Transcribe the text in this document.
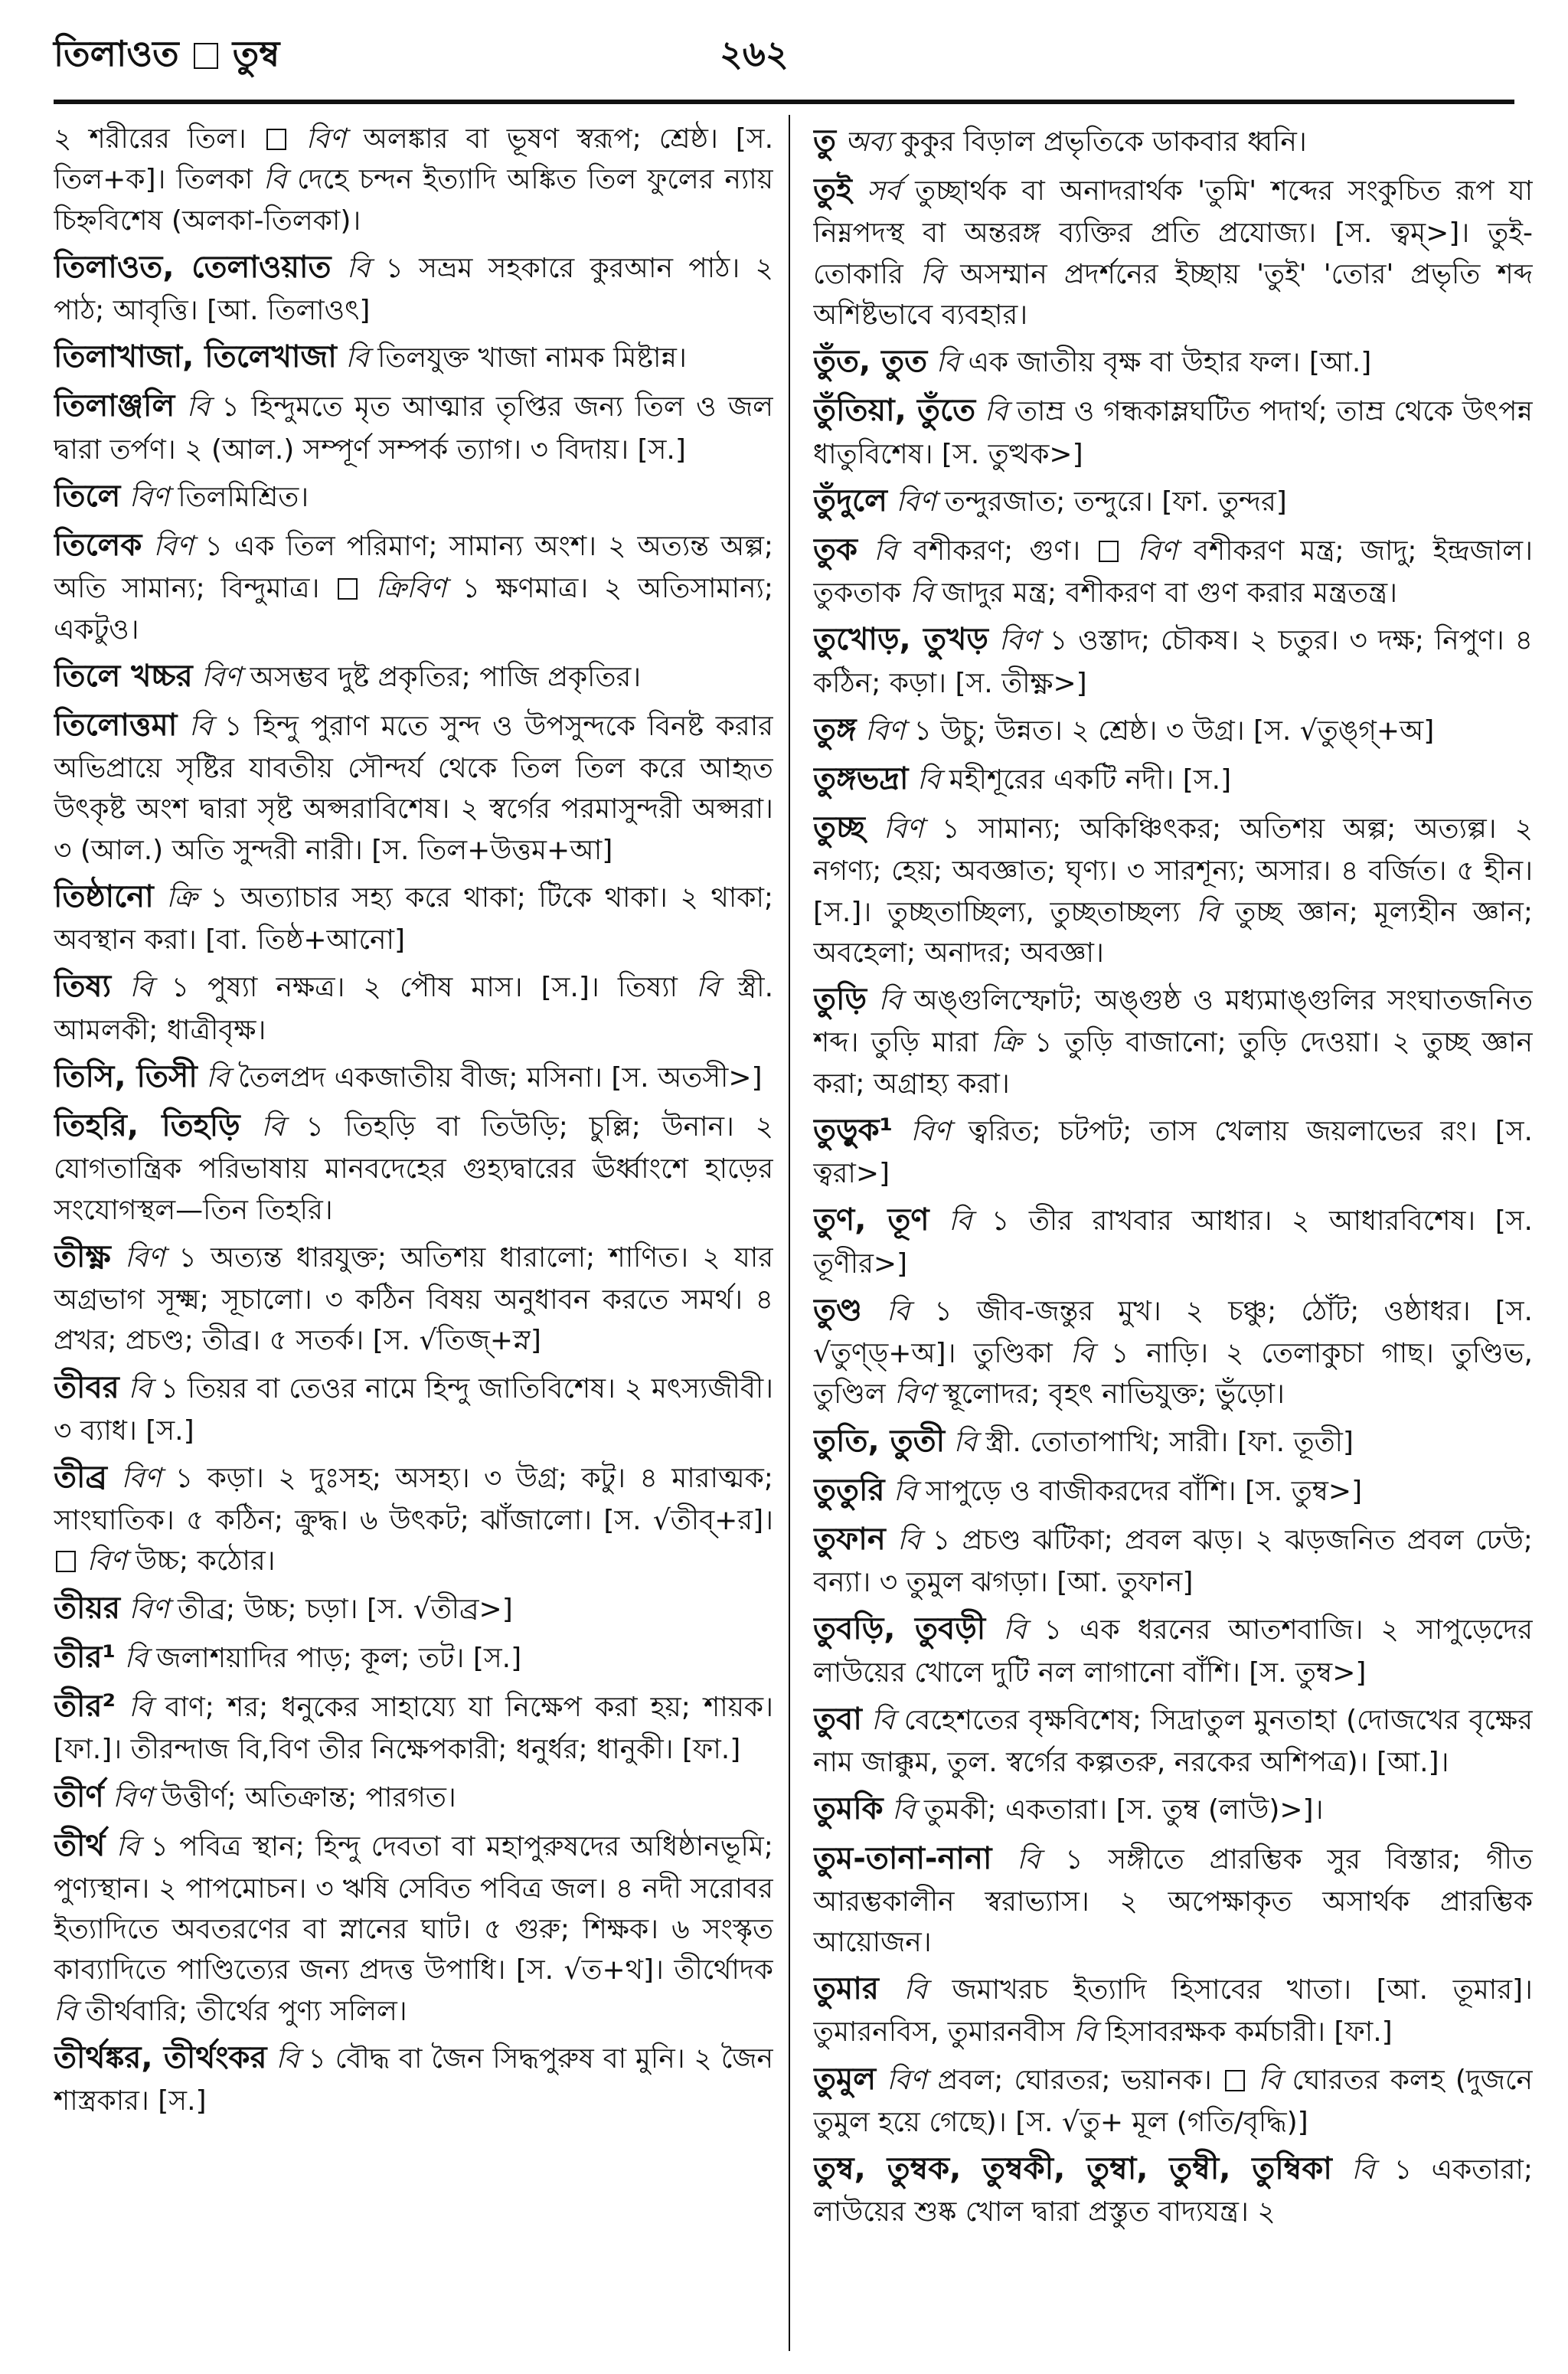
তিলাওত তুম্ব	২৬২

২ শরীরের তিল। বিণ অলঙ্কার বা ভূষণ স্বরূপ; শ্রেষ্ঠ। [স. তিল+ক]। তিলকা বি দেহে চন্দন ইত্যাদি অঙ্কিত তিল ফুলের ন্যায় চিহ্নবিশেষ (অলকা-তিলকা)।

তিলাওত, তেলাওয়াত বি ১ সভ্রম সহকারে কুরআন পাঠ। ২ পাঠ; আবৃত্তি। [আ. তিলাওৎ]

তিলাখাজা, তিলেখাজা বি তিলযুক্ত খাজা নামক মিষ্টান্ন।

তিলাঞ্জলি বি ১ হিন্দুমতে মৃত আত্মার তৃপ্তির জন্য তিল ও জল দ্বারা তর্পণ। ২ (আল.) সম্পূর্ণ সম্পর্ক ত্যাগ। ৩ বিদায়। [স.]

তিলে বিণ তিলমিশ্রিত।

তিলেক বিণ ১ এক তিল পরিমাণ; সামান্য অংশ। ২ অত্যন্ত অল্প; অতি সামান্য; বিন্দুমাত্র। ক্রিবিণ ১ ক্ষণমাত্র। ২ অতিসামান্য; একটুও।

তিলে খচ্চর বিণ অসম্ভব দুষ্ট প্রকৃতির; পাজি প্রকৃতির।

তিলোত্তমা বি ১ হিন্দু পুরাণ মতে সুন্দ ও উপসুন্দকে বিনষ্ট করার অভিপ্রায়ে সৃষ্টির যাবতীয় সৌন্দর্য থেকে তিল তিল করে আহৃত উৎকৃষ্ট অংশ দ্বারা সৃষ্ট অপ্সরাবিশেষ। ২ স্বর্গের পরমাসুন্দরী অপ্সরা। ৩ (আল.) অতি সুন্দরী নারী। [স. তিল+উত্তম+আ]

তিষ্ঠানো ক্রি ১ অত্যাচার সহ্য করে থাকা; টিকে থাকা। ২ থাকা; অবস্থান করা। [বা. তিষ্ঠ+আনো]

তিষ্য বি ১ পুষ্যা নক্ষত্র। ২ পৌষ মাস। [স.]। তিষ্যা বি স্ত্রী. আমলকী; ধাত্রীবৃক্ষ।

তিসি, তিসী বি তৈলপ্রদ একজাতীয় বীজ; মসিনা। [স. অতসী>]

তিহরি, তিহড়ি বি ১ তিহড়ি বা তিউড়ি; চুল্লি; উনান। ২ যোগতান্ত্রিক পরিভাষায় মানবদেহের গুহ্যদ্বারের ঊর্ধ্বাংশে হাড়ের সংযোগস্থল—তিন তিহরি।

তীক্ষ্ণ বিণ ১ অত্যন্ত ধারযুক্ত; অতিশয় ধারালো; শাণিত। ২ যার অগ্রভাগ সূক্ষ্ম; সূচালো। ৩ কঠিন বিষয় অনুধাবন করতে সমর্থ। ৪ প্রখর; প্রচণ্ড; তীব্র। ৫ সতর্ক। [স. √তিজ্+স্ন]

তীবর বি ১ তিয়র বা তেওর নামে হিন্দু জাতিবিশেষ। ২ মৎস্যজীবী। ৩ ব্যাধ। [স.]

তীব্র বিণ ১ কড়া। ২ দুঃসহ; অসহ্য। ৩ উগ্র; কটু। ৪ মারাত্মক; সাংঘাতিক। ৫ কঠিন; ক্রুদ্ধ। ৬ উৎকট; ঝাঁজালো। [স. √তীব্+র]।  বিণ উচ্চ; কঠোর।

তীয়র বিণ তীব্র; উচ্চ; চড়া। [স. √তীব্র>]

তীর¹ বি জলাশয়াদির পাড়; কূল; তট। [স.]

তীর² বি বাণ; শর; ধনুকের সাহায্যে যা নিক্ষেপ করা হয়; শায়ক। [ফা.]। তীরন্দাজ বি,বিণ তীর নিক্ষেপকারী; ধনুর্ধর; ধানুকী। [ফা.]

তীর্ণ বিণ উত্তীর্ণ; অতিক্রান্ত; পারগত।

তীর্থ বি ১ পবিত্র স্থান; হিন্দু দেবতা বা মহাপুরুষদের অধিষ্ঠানভূমি; পুণ্যস্থান। ২ পাপমোচন। ৩ ঋষি সেবিত পবিত্র জল। ৪ নদী সরোবর ইত্যাদিতে অবতরণের বা স্নানের ঘাট। ৫ গুরু; শিক্ষক। ৬ সংস্কৃত কাব্যাদিতে পাণ্ডিত্যের জন্য প্রদত্ত উপাধি। [স. √ত+থ]। তীর্থোদক বি তীর্থবারি; তীর্থের পুণ্য সলিল।

তীর্থঙ্কর, তীর্থংকর বি ১ বৌদ্ধ বা জৈন সিদ্ধপুরুষ বা মুনি। ২ জৈন শাস্ত্রকার। [স.]

তু অব্য কুকুর বিড়াল প্রভৃতিকে ডাকবার ধ্বনি।

তুই সর্ব তুচ্ছার্থক বা অনাদরার্থক 'তুমি' শব্দের সংকুচিত রূপ যা নিম্নপদস্থ বা অন্তরঙ্গ ব্যক্তির প্রতি প্রযোজ্য। [স. ত্বম্>]। তুই-তোকারি বি অসম্মান প্রদর্শনের ইচ্ছায় 'তুই' 'তোর' প্রভৃতি শব্দ অশিষ্টভাবে ব্যবহার।

তুঁত, তুত বি এক জাতীয় বৃক্ষ বা উহার ফল। [আ.]

তুঁতিয়া, তুঁতে বি তাম্র ও গন্ধকাম্লঘটিত পদার্থ; তাম্র থেকে উৎপন্ন ধাতুবিশেষ। [স. তুত্থক>]

তুঁদুলে বিণ তন্দুরজাত; তন্দুরে। [ফা. তুন্দর]

তুক বি বশীকরণ; গুণ। বিণ বশীকরণ মন্ত্র; জাদু; ইন্দ্রজাল। তুকতাক বি জাদুর মন্ত্র; বশীকরণ বা গুণ করার মন্ত্রতন্ত্র।

তুখোড়, তুখড় বিণ ১ ওস্তাদ; চৌকষ। ২ চতুর। ৩ দক্ষ; নিপুণ। ৪ কঠিন; কড়া। [স. তীক্ষ্ণ>]

তুঙ্গ বিণ ১ উচু; উন্নত। ২ শ্রেষ্ঠ। ৩ উগ্র। [স. √তুঙ্গ্+অ]

তুঙ্গভদ্রা বি মহীশূরের একটি নদী। [স.]

তুচ্ছ বিণ ১ সামান্য; অকিঞ্চিৎকর; অতিশয় অল্প; অত্যল্প। ২ নগণ্য; হেয়; অবজ্ঞাত; ঘৃণ্য। ৩ সারশূন্য; অসার। ৪ বর্জিত। ৫ হীন। [স.]। তুচ্ছতাচ্ছিল্য, তুচ্ছতাচ্ছল্য বি তুচ্ছ জ্ঞান; মূল্যহীন জ্ঞান; অবহেলা; অনাদর; অবজ্ঞা।

তুড়ি বি অঙ্গুলিস্ফোট; অঙ্গুষ্ঠ ও মধ্যমাঙ্গুলির সংঘাতজনিত শব্দ। তুড়ি মারা ক্রি ১ তুড়ি বাজানো; তুড়ি দেওয়া। ২ তুচ্ছ জ্ঞান করা; অগ্রাহ্য করা।

তুড়ুক¹ বিণ ত্বরিত; চটপট; তাস খেলায় জয়লাভের রং। [স. ত্বরা>]

তুণ, তূণ বি ১ তীর রাখবার আধার। ২ আধারবিশেষ। [স. তূণীর>]

তুণ্ড বি ১ জীব-জন্তুর মুখ। ২ চঞ্চু; ঠোঁট; ওষ্ঠাধর। [স. √তুণ্ড্+অ]। তুণ্ডিকা বি ১ নাড়ি। ২ তেলাকুচা গাছ। তুণ্ডিভ, তুণ্ডিল বিণ স্থূলোদর; বৃহৎ নাভিযুক্ত; ভুঁড়ো।

তুতি, তুতী বি স্ত্রী. তোতাপাখি; সারী। [ফা. তূতী]

তুতুরি বি সাপুড়ে ও বাজীকরদের বাঁশি। [স. তুম্ব>]

তুফান বি ১ প্রচণ্ড ঝটিকা; প্রবল ঝড়। ২ ঝড়জনিত প্রবল ঢেউ; বন্যা। ৩ তুমুল ঝগড়া। [আ. তুফান]

তুবড়ি, তুবড়ী বি ১ এক ধরনের আতশবাজি। ২ সাপুড়েদের লাউয়ের খোলে দুটি নল লাগানো বাঁশি। [স. তুম্ব>]

তুবা বি বেহেশতের বৃক্ষবিশেষ; সিদ্রাতুল মুনতাহা (দোজখের বৃক্ষের নাম জাক্কুম, তুল. স্বর্গের কল্পতরু, নরকের অশিপত্র)। [আ.]।

তুমকি বি তুমকী; একতারা। [স. তুম্ব (লাউ)>]।

তুম-তানা-নানা বি ১ সঙ্গীতে প্রারম্ভিক সুর বিস্তার; গীত আরম্ভকালীন স্বরাভ্যাস। ২ অপেক্ষাকৃত অসার্থক প্রারম্ভিক আয়োজন।

তুমার বি জমাখরচ ইত্যাদি হিসাবের খাতা। [আ. তূমার]। তুমারনবিস, তুমারনবীস বি হিসাবরক্ষক কর্মচারী। [ফা.]

তুমুল বিণ প্রবল; ঘোরতর; ভয়ানক। বি ঘোরতর কলহ (দুজনে তুমুল হয়ে গেছে)। [স. √তু+ মূল (গতি/বৃদ্ধি)]

তুম্ব, তুম্বক, তুম্বকী, তুম্বা, তুম্বী, তুম্বিকা বি ১ একতারা; লাউয়ের শুষ্ক খোল দ্বারা প্রস্তুত বাদ্যযন্ত্র। ২
